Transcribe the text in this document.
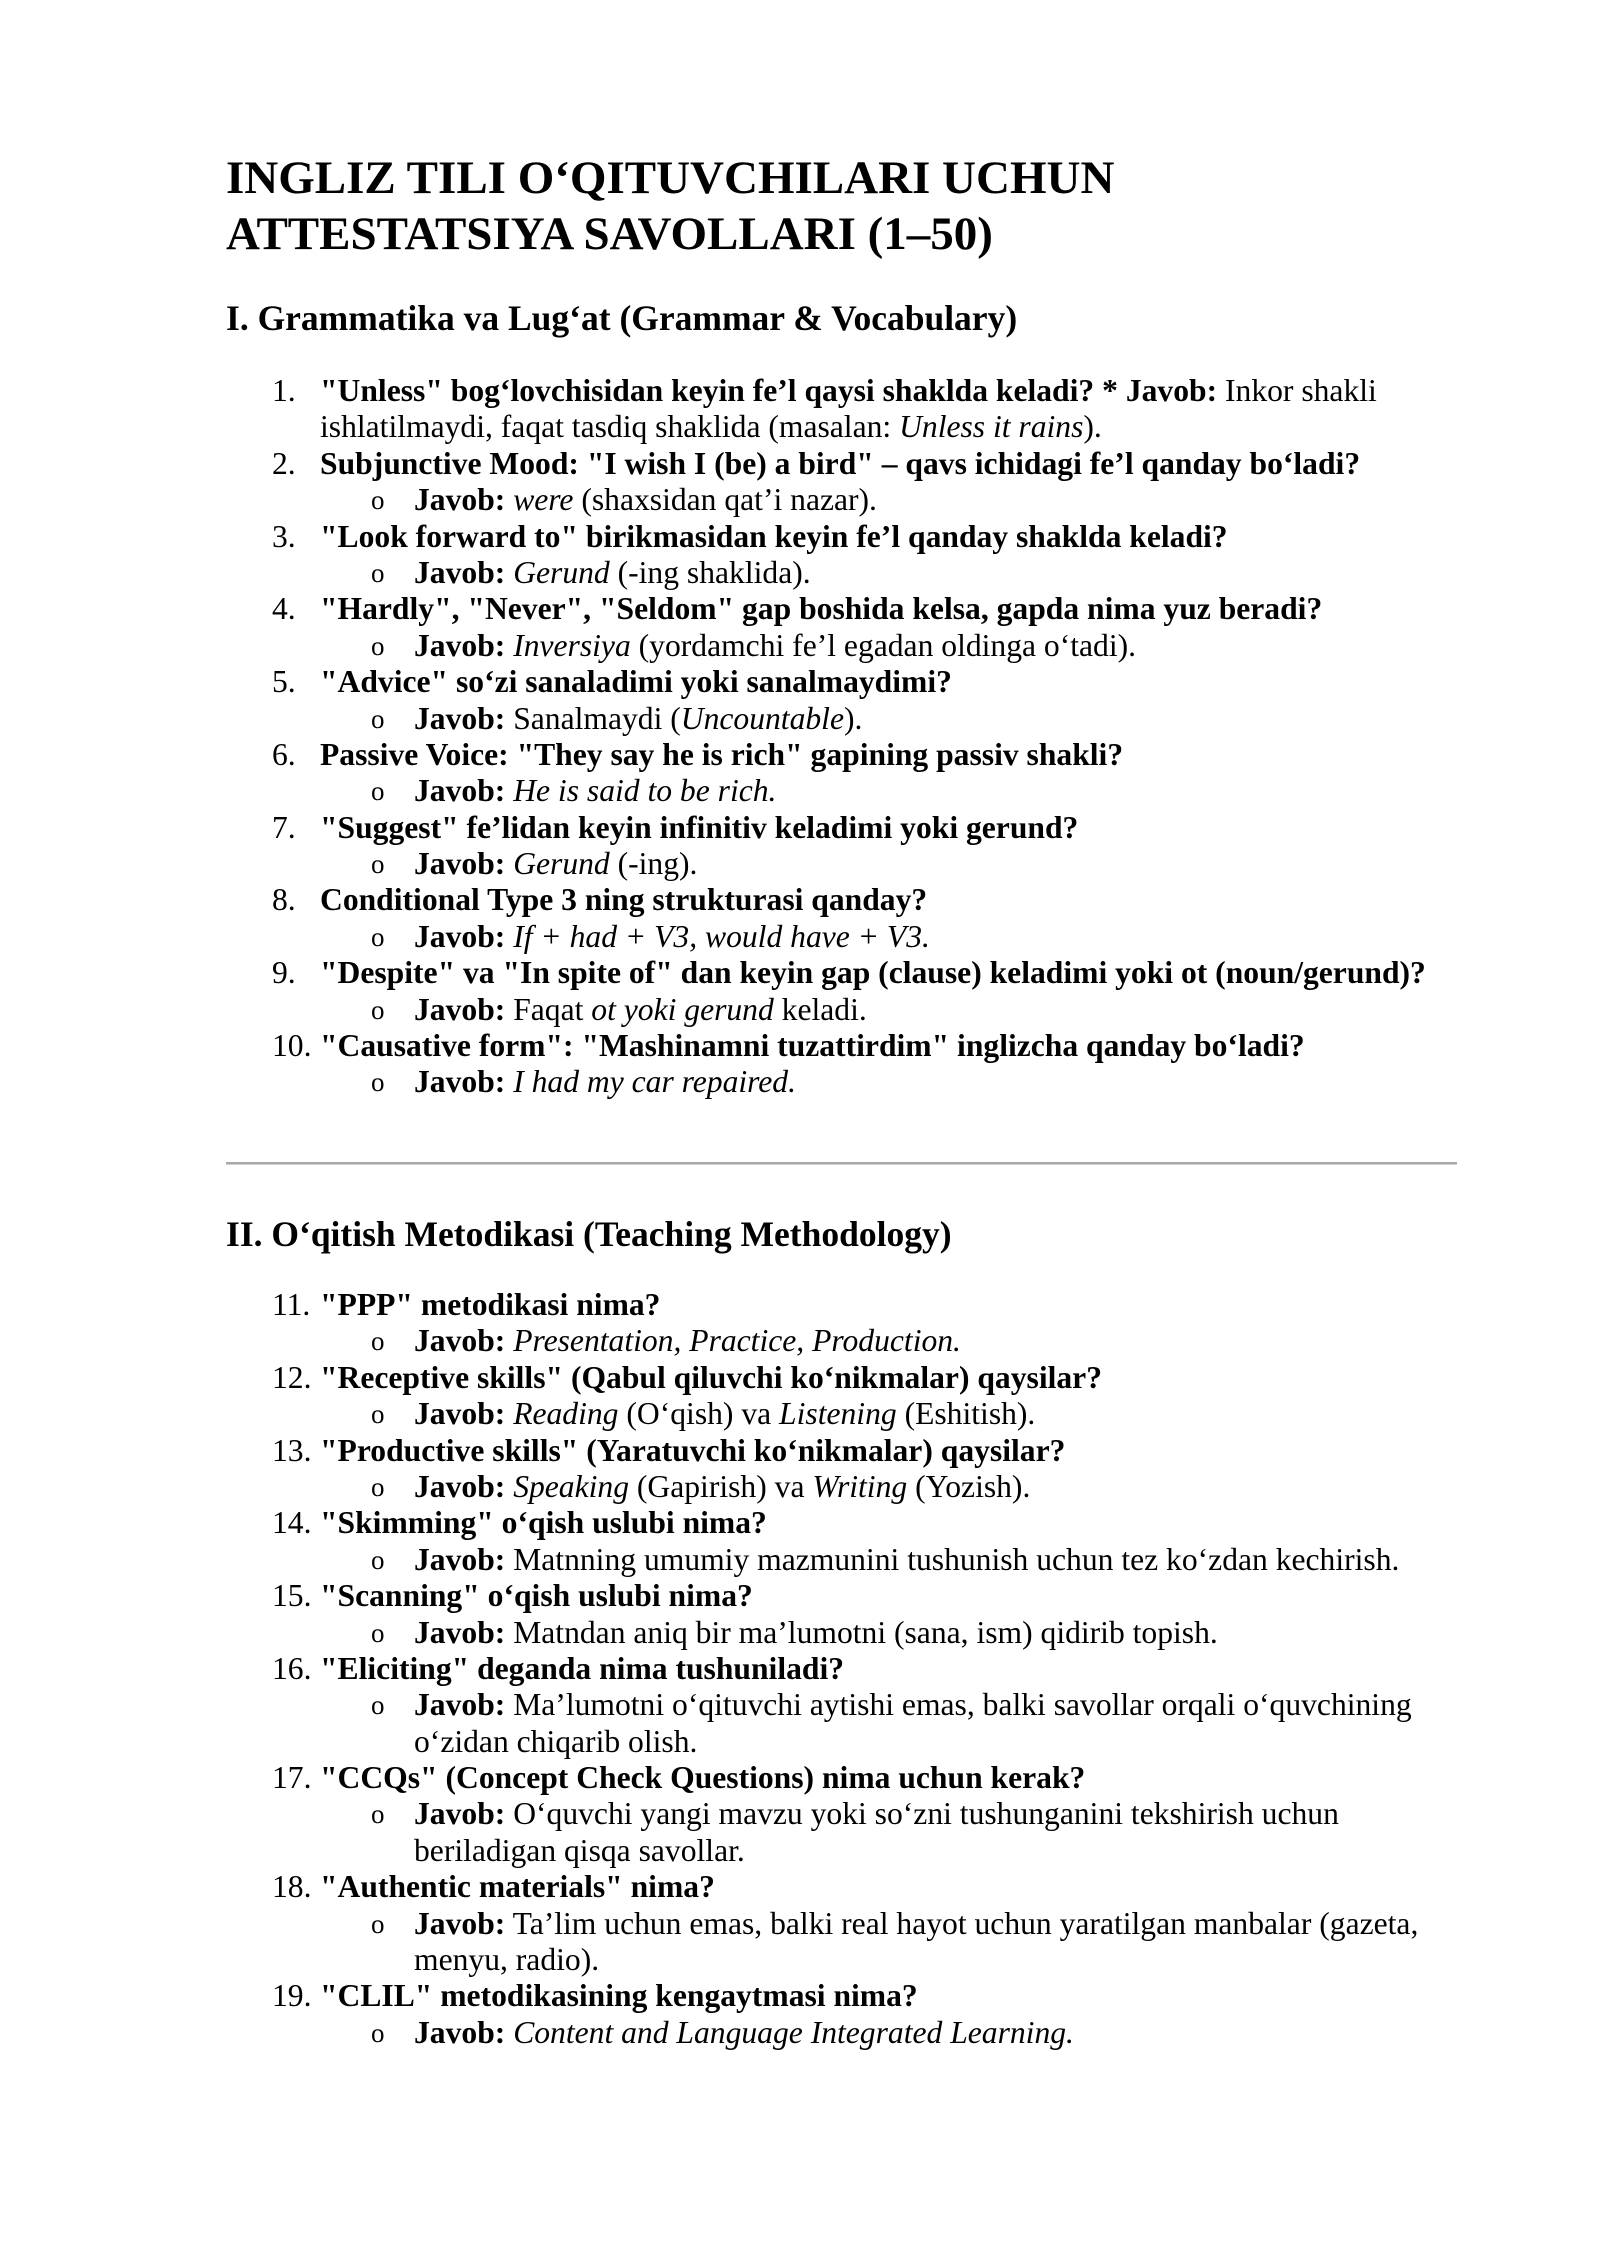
INGLIZ TILI O‘QITUVCHILARI UCHUN
ATTESTATSIYA SAVOLLARI (1–50)
I. Grammatika va Lug‘at (Grammar & Vocabulary)
1. "Unless" bog‘lovchisidan keyin fe’l qaysi shaklda keladi? * Javob: Inkor shakli
ishlatilmaydi, faqat tasdiq shaklida (masalan: Unless it rains).
2. Subjunctive Mood: "I wish I (be) a bird" – qavs ichidagi fe’l qanday bo‘ladi?
o Javob: were (shaxsidan qat’i nazar).
3. "Look forward to" birikmasidan keyin fe’l qanday shaklda keladi?
o Javob: Gerund (-ing shaklida).
4. "Hardly", "Never", "Seldom" gap boshida kelsa, gapda nima yuz beradi?
o Javob: Inversiya (yordamchi fe’l egadan oldinga o‘tadi).
5. "Advice" so‘zi sanaladimi yoki sanalmaydimi?
o Javob: Sanalmaydi (Uncountable).
6. Passive Voice: "They say he is rich" gapining passiv shakli?
o Javob: He is said to be rich.
7. "Suggest" fe’lidan keyin infinitiv keladimi yoki gerund?
o Javob: Gerund (-ing).
8. Conditional Type 3 ning strukturasi qanday?
o Javob: If + had + V3, would have + V3.
9. "Despite" va "In spite of" dan keyin gap (clause) keladimi yoki ot (noun/gerund)?
o Javob: Faqat ot yoki gerund keladi.
10. "Causative form": "Mashinamni tuzattirdim" inglizcha qanday bo‘ladi?
o Javob: I had my car repaired.
II. O‘qitish Metodikasi (Teaching Methodology)
11. "PPP" metodikasi nima?
o Javob: Presentation, Practice, Production.
12. "Receptive skills" (Qabul qiluvchi ko‘nikmalar) qaysilar?
o Javob: Reading (O‘qish) va Listening (Eshitish).
13. "Productive skills" (Yaratuvchi ko‘nikmalar) qaysilar?
o Javob: Speaking (Gapirish) va Writing (Yozish).
14. "Skimming" o‘qish uslubi nima?
o Javob: Matnning umumiy mazmunini tushunish uchun tez ko‘zdan kechirish.
15. "Scanning" o‘qish uslubi nima?
o Javob: Matndan aniq bir ma’lumotni (sana, ism) qidirib topish.
16. "Eliciting" deganda nima tushuniladi?
o Javob: Ma’lumotni o‘qituvchi aytishi emas, balki savollar orqali o‘quvchining
o‘zidan chiqarib olish.
17. "CCQs" (Concept Check Questions) nima uchun kerak?
o Javob: O‘quvchi yangi mavzu yoki so‘zni tushunganini tekshirish uchun
beriladigan qisqa savollar.
18. "Authentic materials" nima?
o Javob: Ta’lim uchun emas, balki real hayot uchun yaratilgan manbalar (gazeta,
menyu, radio).
19. "CLIL" metodikasining kengaytmasi nima?
o Javob: Content and Language Integrated Learning.
